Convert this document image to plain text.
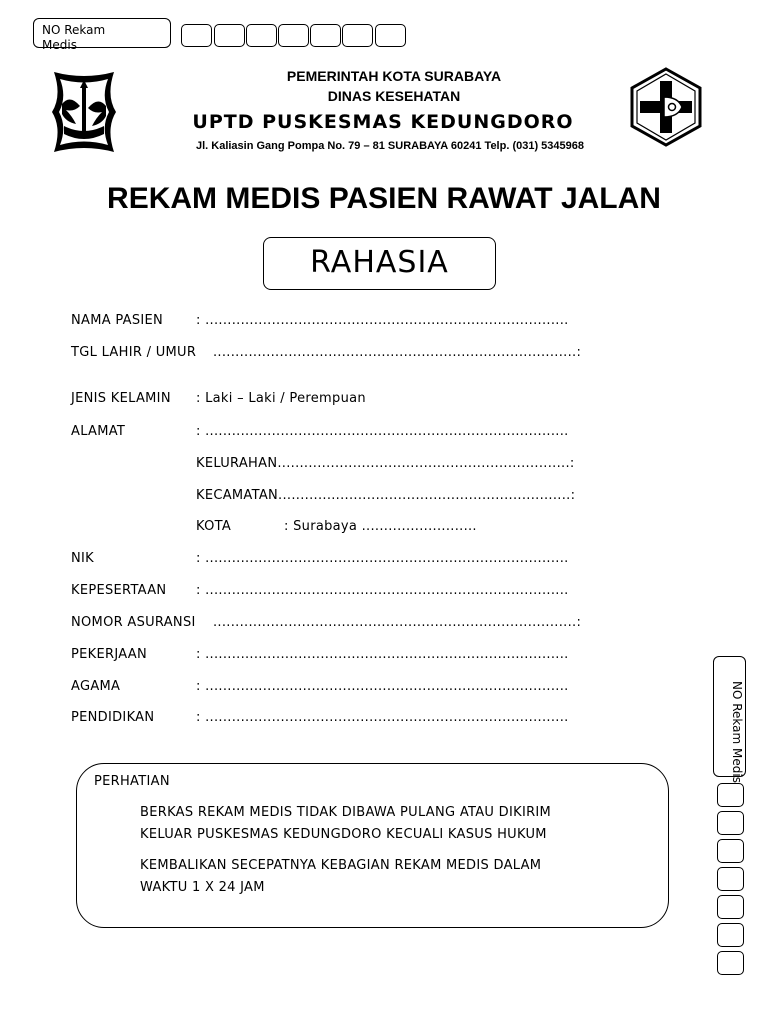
NO Rekam Medis
PEMERINTAH KOTA SURABAYA
DINAS KESEHATAN
UPTD PUSKESMAS KEDUNGDORO
Jl. Kaliasin Gang Pompa No. 79 – 81 SURABAYA 60241 Telp. (031) 5345968
REKAM MEDIS PASIEN RAWAT JALAN
RAHASIA
NAMA PASIEN	: ..................................................................................
TGL LAHIR / UMUR ..................................................................................:
JENIS KELAMIN : Laki – Laki / Perempuan
ALAMAT	: ..................................................................................
KELURAHAN..................................................................:
KECAMATAN..................................................................:
KOTA	: Surabaya ..........................
NIK	: ..................................................................................
KEPESERTAAN : ..................................................................................
NOMOR ASURANSI ..................................................................................:
PEKERJAAN	: ..................................................................................
AGAMA	: ..................................................................................
PENDIDIKAN	: ..................................................................................
PERHATIAN
BERKAS REKAM MEDIS TIDAK DIBAWA PULANG ATAU DIKIRIM
KELUAR PUSKESMAS KEDUNGDORO KECUALI KASUS HUKUM
KEMBALIKAN SECEPATNYA KEBAGIAN REKAM MEDIS DALAM
WAKTU 1 X 24 JAM
NO Rekam Medis
